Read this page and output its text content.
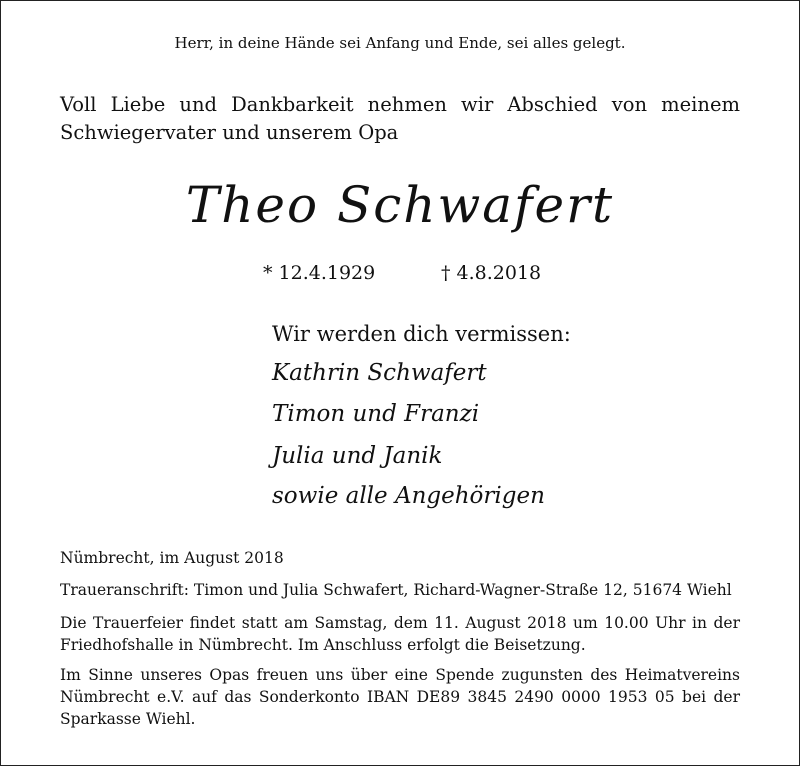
Herr, in deine Hände sei Anfang und Ende, sei alles gelegt.
Voll Liebe und Dankbarkeit nehmen wir Abschied von meinem
Schwiegervater und unserem Opa
Theo Schwafert
* 12.4.1929	† 4.8.2018
Wir werden dich vermissen:
Kathrin Schwafert
Timon und Franzi
Julia und Janik
sowie alle Angehörigen
Nümbrecht, im August 2018
Traueranschrift: Timon und Julia Schwafert, Richard-Wagner-Straße 12, 51674 Wiehl
Die Trauerfeier findet statt am Samstag, dem 11. August 2018 um 10.00 Uhr in der Friedhofshalle in Nümbrecht. Im Anschluss erfolgt die Beisetzung.
Im Sinne unseres Opas freuen uns über eine Spende zugunsten des Heimatvereins Nümbrecht e.V. auf das Sonderkonto IBAN DE89 3845 2490 0000 1953 05 bei der Sparkasse Wiehl.
